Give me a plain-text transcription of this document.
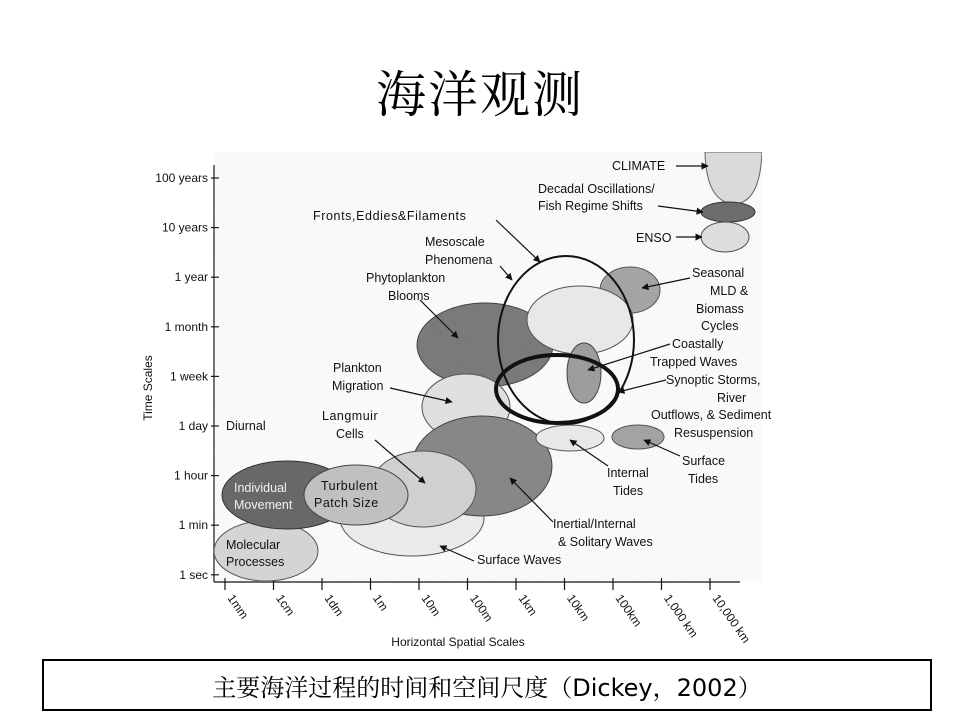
海洋观测
Time Scales
Horizontal Spatial Scales
100 years
10 years
1 year
1 month
1 week
1 day
1 hour
1 min
1 sec
1mm 1cm 1dm 1m 10m 100m 1km 10km 100km 1,000 km 10,000 km
Diurnal
CLIMATE
Decadal Oscillations/
Fish Regime Shifts
ENSO
Fronts,Eddies&Filaments
Mesoscale
Phenomena
Phytoplankton
Blooms
Seasonal
MLD &
Biomass
Cycles
Coastally
Trapped Waves
Synoptic Storms,
River
Outflows, & Sediment
Resuspension
Plankton
Migration
Langmuir
Cells
Surface
Tides
Internal
Tides
Inertial/Internal
& Solitary Waves
Surface Waves
Individual
Movement
Turbulent
Patch Size
Molecular
Processes
主要海洋过程的时间和空间尺度（Dickey，2002）
